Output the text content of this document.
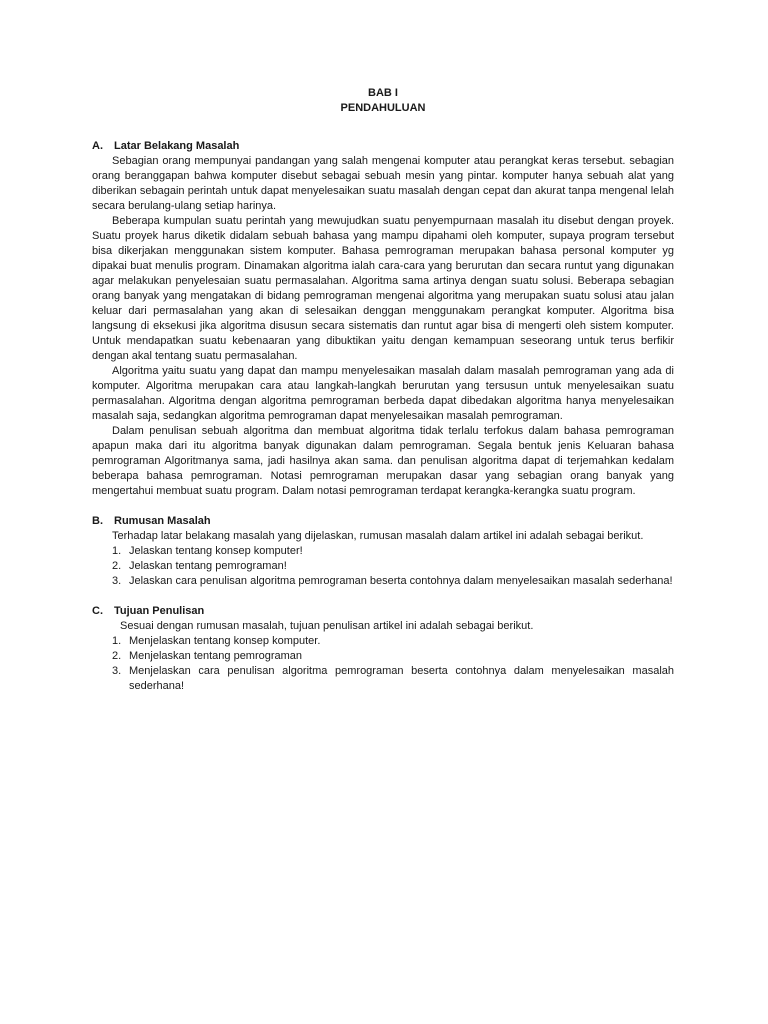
BAB I
PENDAHULUAN
A.	Latar Belakang Masalah

Sebagian orang mempunyai pandangan yang salah mengenai komputer atau perangkat keras tersebut. sebagian orang beranggapan bahwa komputer disebut sebagai sebuah mesin yang pintar. komputer hanya sebuah alat yang diberikan sebagain perintah untuk dapat menyelesaikan suatu masalah dengan cepat dan akurat tanpa mengenal lelah secara berulang-ulang setiap harinya.

Beberapa kumpulan suatu perintah yang mewujudkan suatu penyempurnaan masalah itu disebut dengan proyek. Suatu proyek harus diketik didalam sebuah bahasa yang mampu dipahami oleh komputer, supaya program tersebut bisa dikerjakan menggunakan sistem komputer. Bahasa pemrograman merupakan bahasa personal komputer yg dipakai buat menulis program. Dinamakan algoritma ialah cara-cara yang berurutan dan secara runtut yang digunakan agar melakukan penyelesaian suatu permasalahan. Algoritma sama artinya dengan suatu solusi. Beberapa sebagian orang banyak yang mengatakan di bidang pemrograman mengenai algoritma yang merupakan suatu solusi atau jalan keluar dari permasalahan yang akan di selesaikan denggan menggunakam perangkat komputer. Algoritma bisa langsung di eksekusi jika algoritma disusun secara sistematis dan runtut agar bisa di mengerti oleh sistem komputer. Untuk mendapatkan suatu kebenaaran yang dibuktikan yaitu dengan kemampuan seseorang untuk terus berfikir dengan akal tentang suatu permasalahan.

Algoritma yaitu suatu yang dapat dan mampu menyelesaikan masalah dalam masalah pemrograman yang ada di komputer. Algoritma merupakan cara atau langkah-langkah berurutan yang tersusun untuk menyelesaikan suatu permasalahan. Algoritma dengan algoritma pemrograman berbeda dapat dibedakan algoritma hanya menyelesaikan masalah saja, sedangkan algoritma pemrograman dapat menyelesaikan masalah pemrograman.

Dalam penulisan sebuah algoritma dan membuat algoritma tidak terlalu terfokus dalam bahasa pemrograman apapun maka dari itu algoritma banyak digunakan dalam pemrograman. Segala bentuk jenis Keluaran bahasa pemrograman Algoritmanya sama, jadi hasilnya akan sama. dan penulisan algoritma dapat di terjemahkan kedalam beberapa bahasa pemrograman. Notasi pemrograman merupakan dasar yang sebagian orang banyak yang mengertahui membuat suatu program. Dalam notasi pemrograman terdapat kerangka-kerangka suatu program.

B.	Rumusan Masalah

Terhadap latar belakang masalah yang dijelaskan, rumusan masalah dalam artikel ini adalah sebagai berikut.

1. Jelaskan tentang konsep komputer!
2. Jelaskan tentang pemrograman!
3. Jelaskan cara penulisan algoritma pemrograman beserta contohnya dalam menyelesaikan masalah sederhana!
C.	Tujuan Penulisan

Sesuai dengan rumusan masalah, tujuan penulisan artikel ini adalah sebagai berikut.

1. Menjelaskan tentang konsep komputer.
2. Menjelaskan tentang pemrograman
3. Menjelaskan cara penulisan algoritma pemrograman beserta contohnya dalam menyelesaikan masalah sederhana!
